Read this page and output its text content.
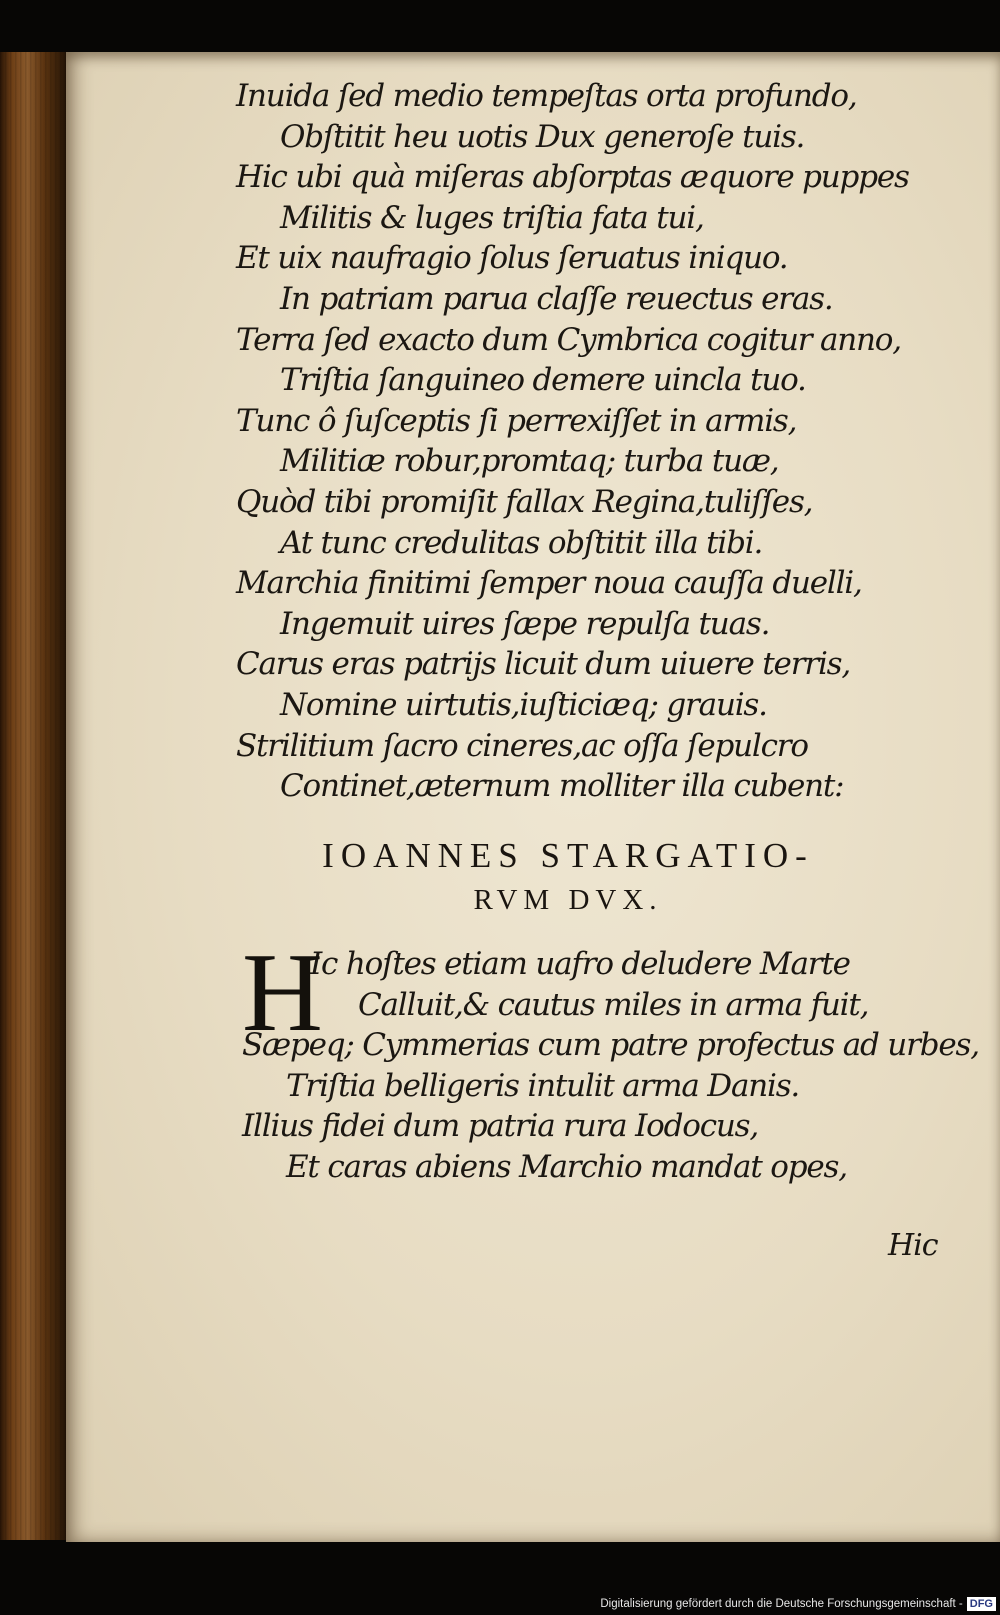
Inuida ſed medio tempeſtas orta profundo,
Obſtitit heu uotis Dux generoſe tuis.
Hic ubi quà miſeras abſorptas æquore puppes
Militis & luges triſtia fata tui,
Et uix naufragio ſolus ſeruatus iniquo.
In patriam parua claſſe reuectus eras.
Terra ſed exacto dum Cymbrica cogitur anno,
Triſtia ſanguineo demere uincla tuo.
Tunc ô ſuſceptis ſi perrexiſſet in armis,
Militiæ robur,promtaq; turba tuæ,
Quòd tibi promiſit fallax Regina,tuliſſes,
At tunc credulitas obſtitit illa tibi.
Marchia finitimi ſemper noua cauſſa duelli,
Ingemuit uires ſæpe repulſa tuas.
Carus eras patrijs licuit dum uiuere terris,
Nomine uirtutis,iuſticiæq; grauis.
Strilitium ſacro cineres,ac oſſa ſepulcro
Continet,æternum molliter illa cubent:
IOANNES STARGATIO-
RVM DVX.
H
Ic hoſtes etiam uafro deludere Marte
Calluit,& cautus miles in arma fuit,
Sæpeq; Cymmerias cum patre profectus ad urbes,
Triſtia belligeris intulit arma Danis.
Illius fidei dum patria rura Iodocus,
Et caras abiens Marchio mandat opes,
Hic
Digitalisierung gefördert durch die Deutsche Forschungsgemeinschaft - DFG
